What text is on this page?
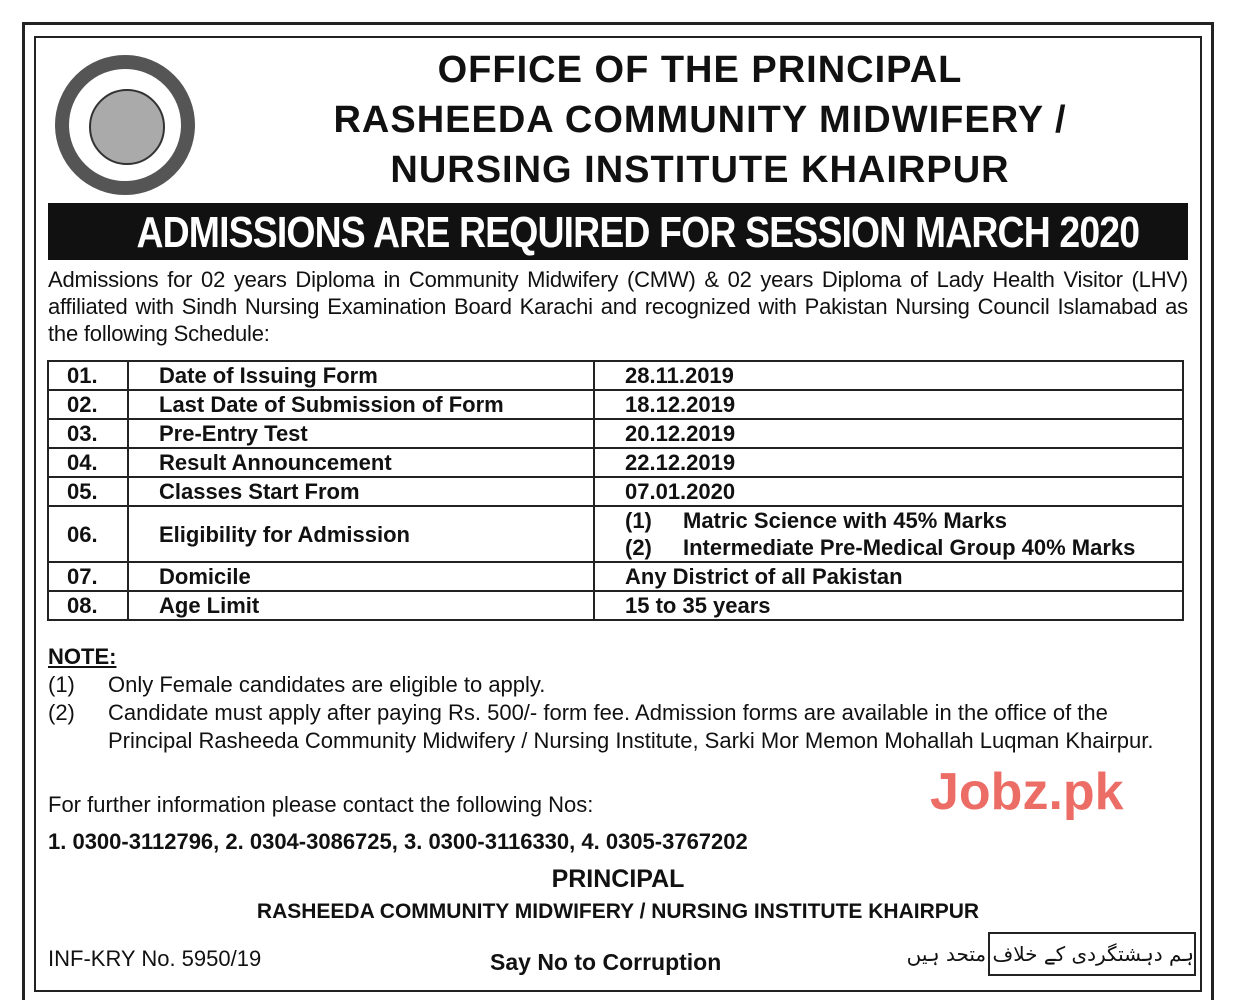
OFFICE OF THE PRINCIPAL
RASHEEDA COMMUNITY MIDWIFERY /
NURSING INSTITUTE KHAIRPUR
ADMISSIONS ARE REQUIRED FOR SESSION MARCH 2020
Admissions for 02 years Diploma in Community Midwifery (CMW) & 02 years Diploma of Lady Health Visitor (LHV) affiliated with Sindh Nursing Examination Board Karachi and recognized with Pakistan Nursing Council Islamabad as the following Schedule:
01.	Date of Issuing Form	28.11.2019
02.	Last Date of Submission of Form	18.12.2019
03.	Pre-Entry Test	20.12.2019
04.	Result Announcement	22.12.2019
05.	Classes Start From	07.01.2020
06.	Eligibility for Admission	(1) Matric Science with 45% Marks
(2) Intermediate Pre-Medical Group 40% Marks

07.	Domicile	Any District of all Pakistan
08.	Age Limit	15 to 35 years
NOTE:
(1)	Only Female candidates are eligible to apply.
(2)	Candidate must apply after paying Rs. 500/- form fee. Admission forms are available in the office of the Principal Rasheeda Community Midwifery / Nursing Institute, Sarki Mor Memon Mohallah Luqman Khairpur.
For further information please contact the following Nos:	Jobz.pk
1. 0300-3112796, 2. 0304-3086725, 3. 0300-3116330, 4. 0305-3767202
PRINCIPAL
RASHEEDA COMMUNITY MIDWIFERY / NURSING INSTITUTE KHAIRPUR
INF-KRY No. 5950/19	Say No to Corruption	ہم دہشتگردی کے خلاف متحد ہیں
